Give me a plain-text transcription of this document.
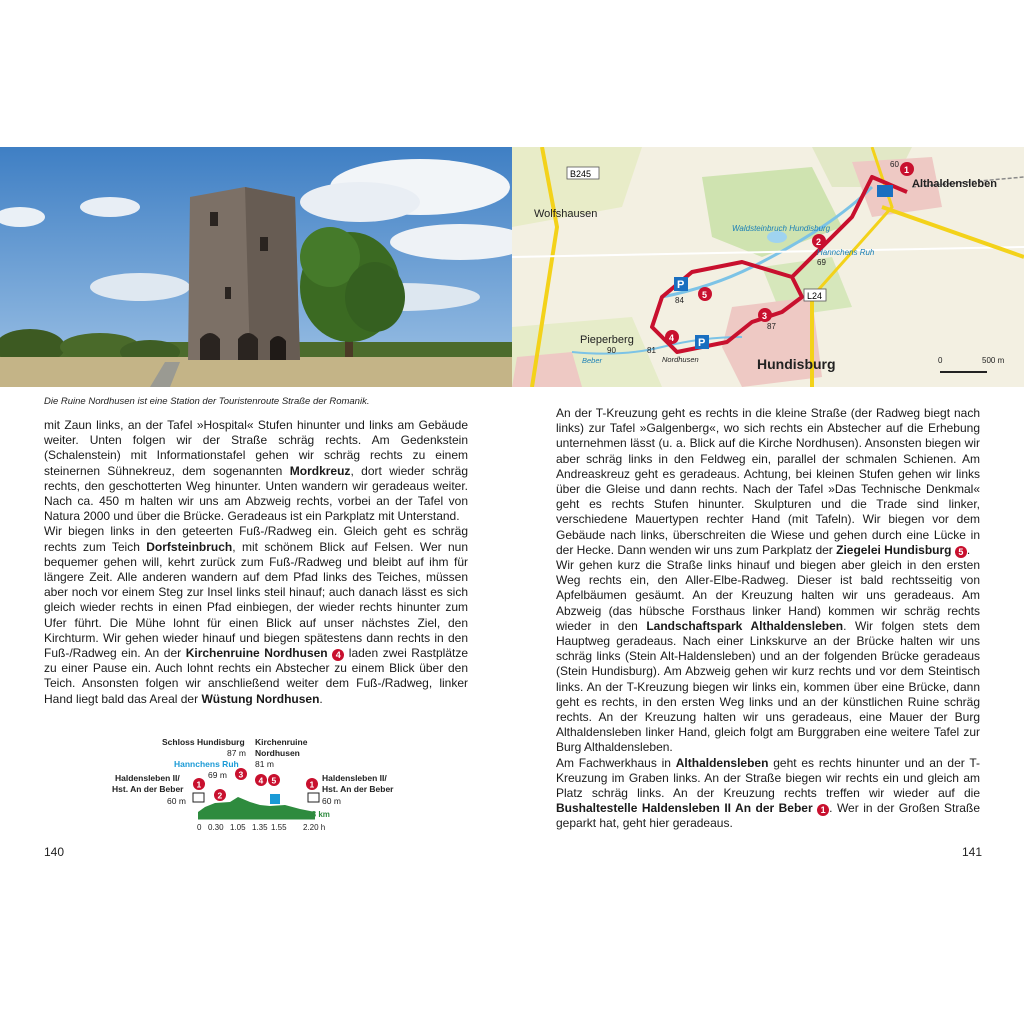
B245
Wolfshausen
Waldsteinbruch Hundisburg
Hannchens Ruh
Althaldensleben
L24
Pieperberg
90
Nordhusen
Beber	Hundisburg
84
81
87
69
60
1
2
3
4
5
P
P
0	500 m
Die Ruine Nordhusen ist eine Station der Touristenroute Straße der Romanik.

mit Zaun links, an der Tafel »Hospital« Stufen hinunter und links am Gebäude weiter. Unten folgen wir der Straße schräg rechts. Am Gedenkstein (Schalenstein) mit Informationstafel gehen wir schräg rechts zu einem steinernen Sühnekreuz, dem sogenannten Mordkreuz, dort wieder schräg rechts, den geschotterten Weg hinunter. Unten wandern wir geradeaus weiter. Nach ca. 450 m halten wir uns am Abzweig rechts, vorbei an der Tafel von Natura 2000 und über die Brücke. Geradeaus ist ein Parkplatz mit Unterstand.

Wir biegen links in den geteerten Fuß-/Radweg ein. Gleich geht es schräg rechts zum Teich Dorfsteinbruch, mit schönem Blick auf Felsen. Wer nun bequemer gehen will, kehrt zurück zum Fuß-/Radweg und bleibt auf ihm für längere Zeit. Alle anderen wandern auf dem Pfad links des Teiches, müssen aber noch vor einem Steg zur Insel links steil hinauf; auch danach lässt es sich gleich wieder rechts in einen Pfad einbiegen, der wieder rechts hinunter zum Ufer führt. Die Mühe lohnt für einen Blick auf unser nächstes Ziel, den Kirchturm. Wir gehen wieder hinauf und biegen spätestens dann rechts in den Fuß-/Radweg ein. An der Kirchenruine Nordhusen 4 laden zwei Rastplätze zu einer Pause ein. Auch lohnt rechts ein Abstecher zu einem Blick über den Teich. Ansonsten folgen wir anschließend weiter dem Fuß-/Radweg, linker Hand liegt bald das Areal der Wüstung Nordhusen.

An der T-Kreuzung geht es rechts in die kleine Straße (der Radweg biegt nach links) zur Tafel »Galgenberg«, wo sich rechts ein Abstecher auf die Erhebung unternehmen lässt (u. a. Blick auf die Kirche Nordhusen). Ansonsten biegen wir aber schräg links in den Feldweg ein, parallel der schmalen Schienen. Am Andreaskreuz geht es geradeaus. Achtung, bei kleinen Stufen gehen wir links über die Gleise und dann rechts. Nach der Tafel »Das Technische Denkmal« geht es rechts Stufen hinunter. Skulpturen und die Trade sind linker, verschiedene Mauertypen rechter Hand (mit Tafeln). Wir biegen vor dem Gebäude nach links, überschreiten die Wiese und gehen durch eine Lücke in der Hecke. Dann wenden wir uns zum Parkplatz der Ziegelei Hundisburg 5 .

Wir gehen kurz die Straße links hinauf und biegen aber gleich in den ersten Weg rechts ein, den Aller-Elbe-Radweg. Dieser ist bald rechtsseitig von Apfelbäumen gesäumt. An der Kreuzung halten wir uns geradeaus. Am Abzweig (das hübsche Forsthaus linker Hand) kommen wir schräg rechts wieder in den Landschaftspark Althaldensleben. Wir folgen stets dem Hauptweg geradeaus. Nach einer Linkskurve an der Brücke halten wir uns schräg links (Stein Alt-Haldensleben) und an der folgenden Brücke geradeaus (Stein Hundisburg). Am Abzweig gehen wir kurz rechts und vor dem Steintisch links. An der T-Kreuzung biegen wir links ein, kommen über eine Brücke, dann geht es rechts, in den ersten Weg links und an der künstlichen Ruine schräg rechts. An der Kreuzung halten wir uns geradeaus, eine Mauer der Burg Althaldensleben linker Hand, gleich folgt am Burggraben eine weitere Tafel zur Burg Althaldensleben.

Am Fachwerkhaus in Althaldensleben geht es rechts hinunter und an der T-Kreuzung im Graben links. An der Straße biegen wir rechts ein und gleich am Platz schräg links. An der Kreuzung rechts treffen wir wieder auf die Bushaltestelle Haldensleben II An der Beber 1 . Wer in der Großen Straße geparkt hat, geht hier geradeaus.

Schloss Hundisburg
87 m
Kirchenruine
Nordhusen
81 m
Hannchens Ruh
69 m
Haldensleben II/
Hst. An der Beber
60 m
Haldensleben II/
Hst. An der Beber
60 m
9.8 km
1
2
3
4 5	1
0 0.30 1.05 1.35 1.55 2.20 h
140	141
